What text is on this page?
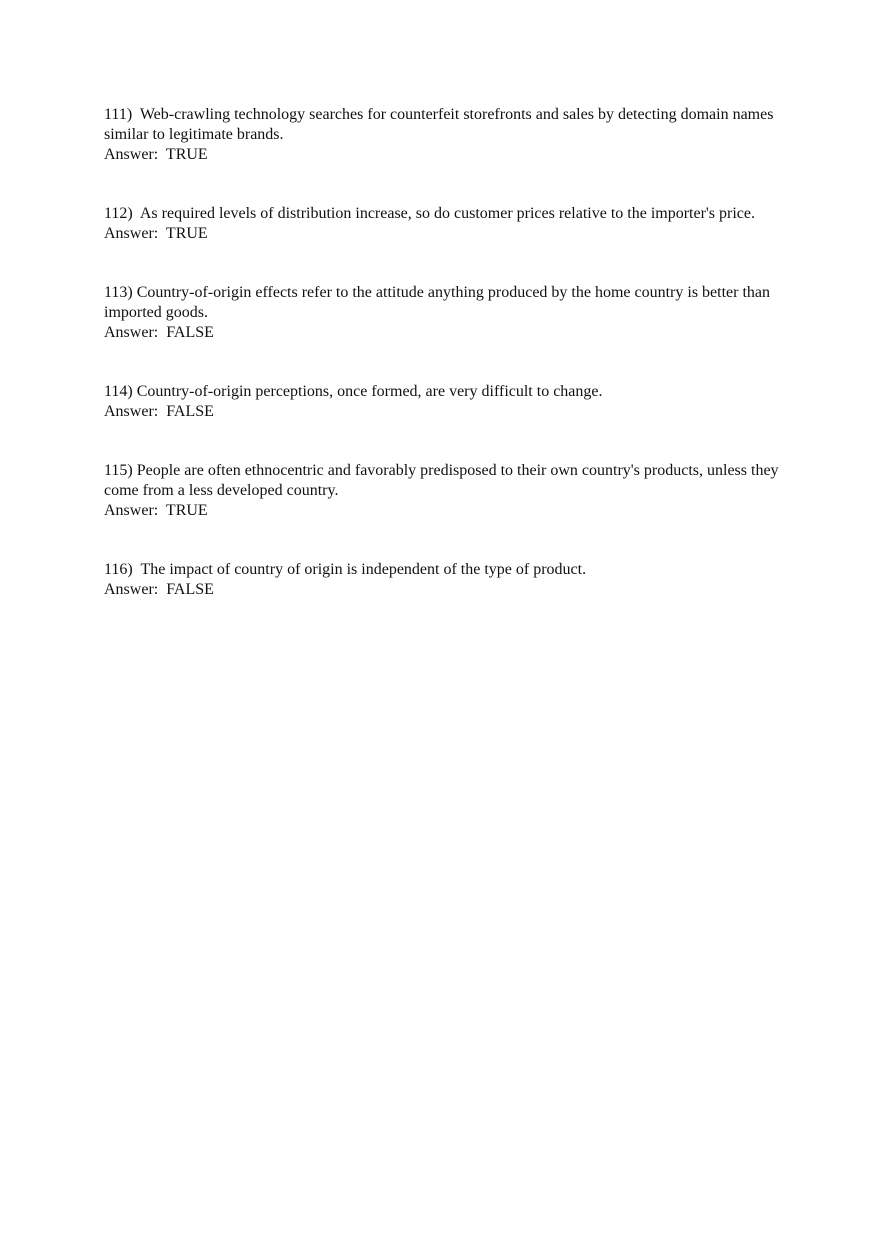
111)  Web-crawling technology searches for counterfeit storefronts and sales by detecting domain names similar to legitimate brands.

Answer:  TRUE

112)  As required levels of distribution increase, so do customer prices relative to the importer's price.

Answer:  TRUE

113) Country-of-origin effects refer to the attitude anything produced by the home country is better than imported goods.

Answer:  FALSE

114) Country-of-origin perceptions, once formed, are very difficult to change.

Answer:  FALSE

115) People are often ethnocentric and favorably predisposed to their own country's products, unless they come from a less developed country.

Answer:  TRUE

116)  The impact of country of origin is independent of the type of product.

Answer:  FALSE
